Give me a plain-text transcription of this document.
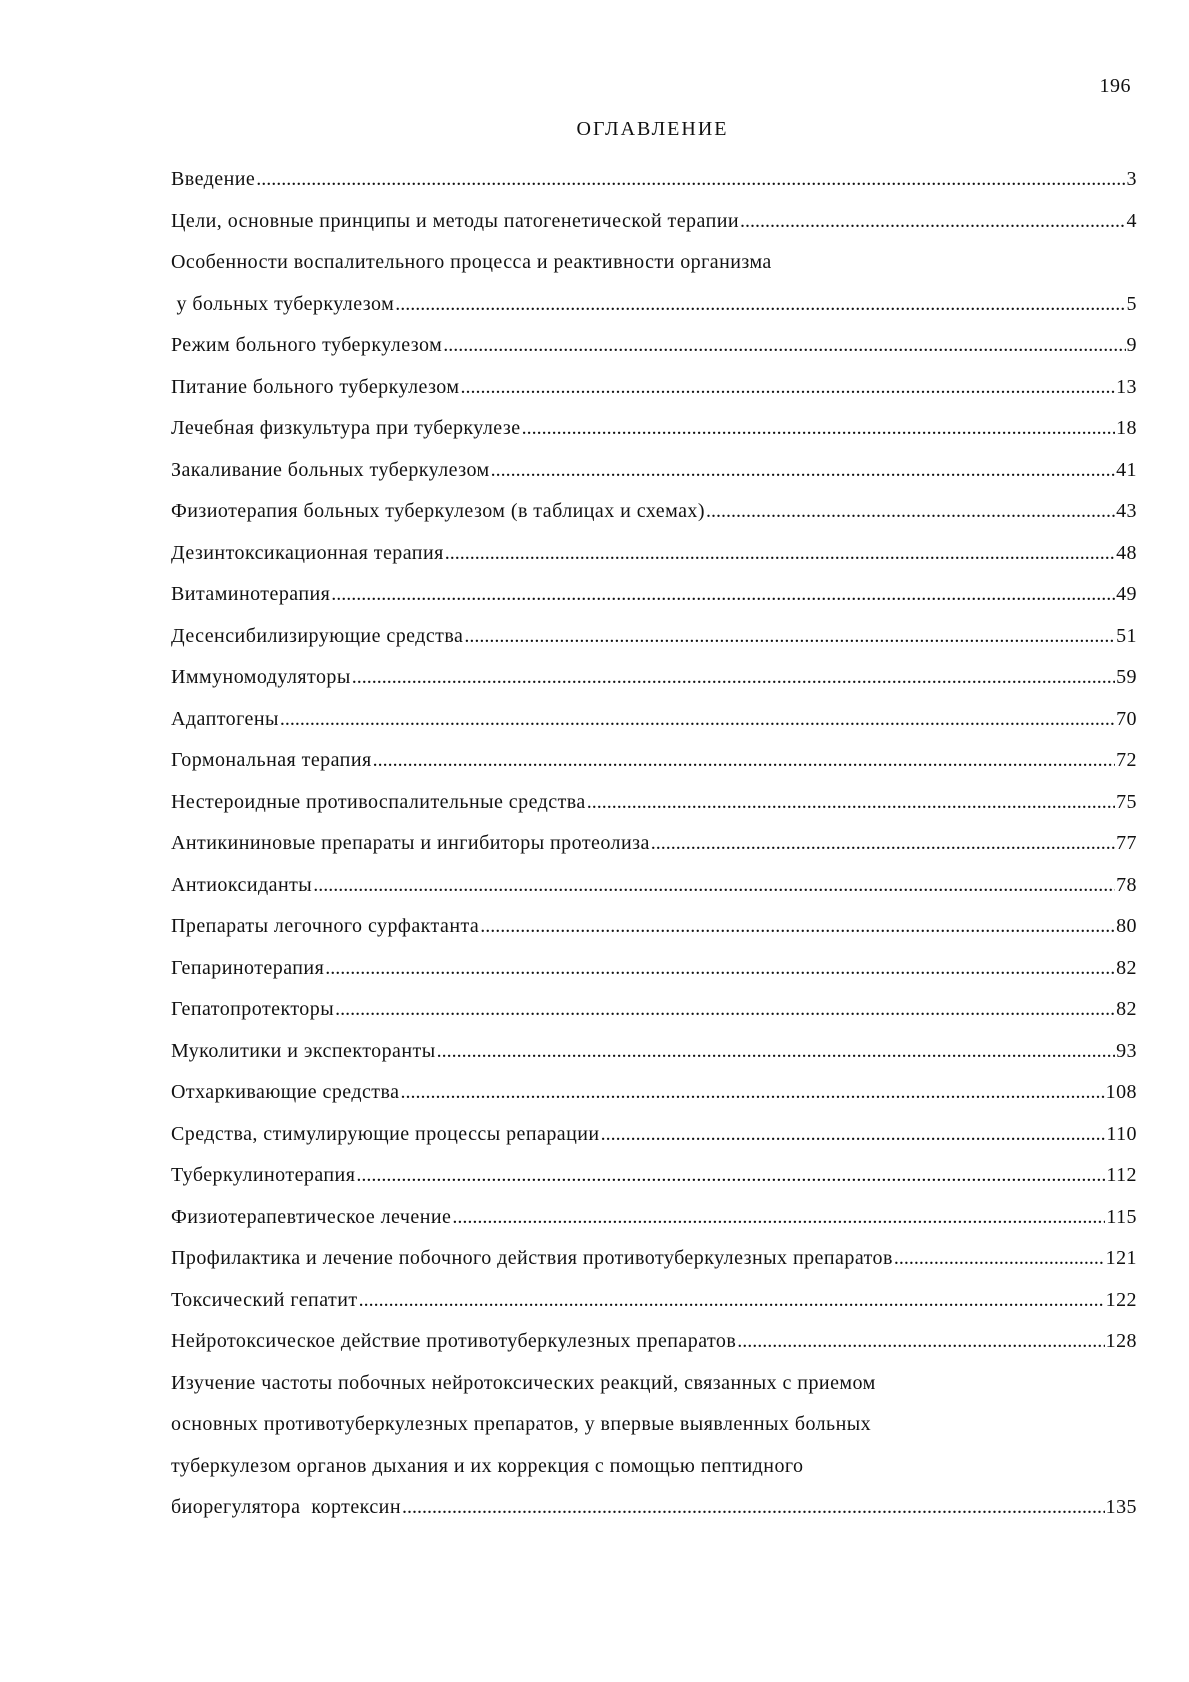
196
ОГЛАВЛЕНИЕ
Введение .....	3
Цели, основные принципы и методы патогенетической терапии .....	4
Особенности воспалительного процесса и реактивности организма
у больных туберкулезом .....	5
Режим больного туберкулезом .....	9
Питание больного туберкулезом .....	13
Лечебная физкультура при туберкулезе .....	18
Закаливание больных туберкулезом .....	41
Физиотерапия больных туберкулезом (в таблицах и схемах) .....	43
Дезинтоксикационная терапия .....	48
Витаминотерапия .....	49
Десенсибилизирующие средства .....	51
Иммуномодуляторы .....	59
Адаптогены .....	70
Гормональная терапия .....	72
Нестероидные противоспалительные средства .....	75
Антикининовые препараты и ингибиторы протеолиза .....	77
Антиоксиданты .....	78
Препараты легочного сурфактанта .....	80
Гепаринотерапия .....	82
Гепатопротекторы .....	82
Муколитики и экспекторанты .....	93
Отхаркивающие средства .....	108
Средства, стимулирующие процессы репарации .....	110
Туберкулинотерапия .....	112
Физиотерапевтическое лечение .....	115
Профилактика и лечение побочного действия противотуберкулезных препаратов .....	121
Токсический гепатит .....	122
Нейротоксическое действие противотуберкулезных препаратов .....	128
Изучение частоты побочных нейротоксических реакций, связанных с приемом
основных противотуберкулезных препаратов, у впервые выявленных больных
туберкулезом органов дыхания и их коррекция с помощью пептидного
биорегулятора  кортексин .....	135
